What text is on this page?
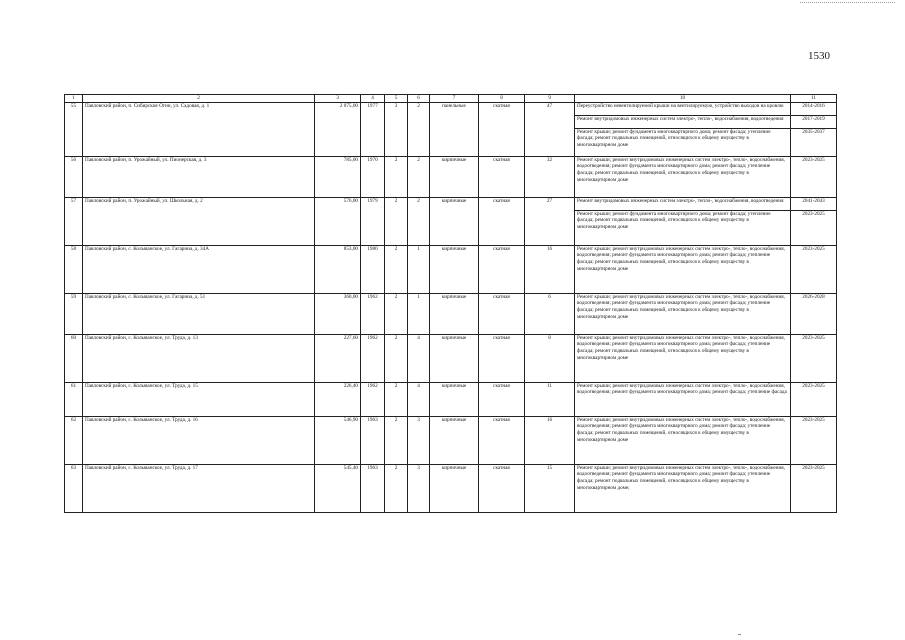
1530
1	2	3	4	5	6	7	8	9	10	11
55	Павловский район, п. Сибирские Огни, ул. Садовая, д. 1	2 075,00	1977	3	2	панельные	скатная	47	Переустройство невентилируемой крыши на вентилируемую, устройство выходов на кровлю	2014-2016
									Ремонт внутридомовых инженерных систем электро-, тепло-, водоснабжения, водоотведения	2017-2019
									Ремонт крыши; ремонт фундамента многоквартирного дома; ремонт фасада; утепление фасада; ремонт подвальных помещений, относящихся к общему имуществу в многоквартирном доме	2035-2037
56	Павловский район, п. Урожайный, ул. Пионерская, д. 3	785,00	1970	2	2	кирпичные	скатная	32	Ремонт крыши; ремонт внутридомовых инженерных систем электро-, тепло-, водоснабжения, водоотведения; ремонт фундамента многоквартирного дома; ремонт фасада; утепление фасада; ремонт подвальных помещений, относящихся к общему имуществу в многоквартирном доме	2023-2025
57	Павловский район, п. Урожайный, ул. Школьная, д. 2	576,00	1979	2	2	кирпичные	скатная	27	Ремонт внутридомовых инженерных систем электро-, тепло-, водоснабжения, водоотведения	2041-2043
									Ремонт крыши; ремонт фундамента многоквартирного дома; ремонт фасада; утепление фасада; ремонт подвальных помещений, относящихся к общему имуществу в многоквартирном доме	2023-2025
58	Павловский район, с. Колыванское, ул. Гагарина, д. 34А	853,00	1980	2	1	кирпичные	скатная	16	Ремонт крыши; ремонт внутридомовых инженерных систем электро-, тепло-, водоснабжения, водоотведения; ремонт фундамента многоквартирного дома; ремонт фасада; утепление фасада; ремонт подвальных помещений, относящихся к общему имуществу в многоквартирном доме	2023-2025
59	Павловский район, с. Колыванское, ул. Гагарина, д. 51	360,00	1962	2	1	кирпичные	скатная	6	Ремонт крыши; ремонт внутридомовых инженерных систем электро-, тепло-, водоснабжения, водоотведения; ремонт фундамента многоквартирного дома; ремонт фасада; утепление фасада; ремонт подвальных помещений, относящихся к общему имуществу в многоквартирном доме	2026-2028
60	Павловский район, с. Колыванское, ул. Труда, д. 13	227,60	1962	2	4	кирпичные	скатная	8	Ремонт крыши; ремонт внутридомовых инженерных систем электро-, тепло-, водоснабжения, водоотведения; ремонт фундамента многоквартирного дома; ремонт фасада; утепление фасада; ремонт подвальных помещений, относящихся к общему имуществу в многоквартирном доме	2023-2025
61	Павловский район, с. Колыванское, ул. Труда, д. 15	226,40	1962	2	4	кирпичные	скатная	11	Ремонт крыши; ремонт внутридомовых инженерных систем электро-, тепло-, водоснабжения, водоотведения; ремонт фундамента многоквартирного дома; ремонт фасада; утепление фасада	2023-2025
62	Павловский район, с. Колыванское, ул. Труда, д. 16	546,90	1963	2	3	кирпичные	скатная	16	Ремонт крыши; ремонт внутридомовых инженерных систем электро-, тепло-, водоснабжения, водоотведения; ремонт фундамента многоквартирного дома; ремонт фасада; утепление фасада; ремонт подвальных помещений, относящихся к общему имуществу в многоквартирном доме	2023-2025
63	Павловский район, с. Колыванское, ул. Труда, д. 17	545,40	1963	2	3	кирпичные	скатная	15	Ремонт крыши; ремонт внутридомовых инженерных систем электро-, тепло-, водоснабжения, водоотведения; ремонт фундамента многоквартирного дома; ремонт фасада; утепление фасада; ремонт подвальных помещений, относящихся к общему имуществу в многоквартирном доме;	2023-2025
